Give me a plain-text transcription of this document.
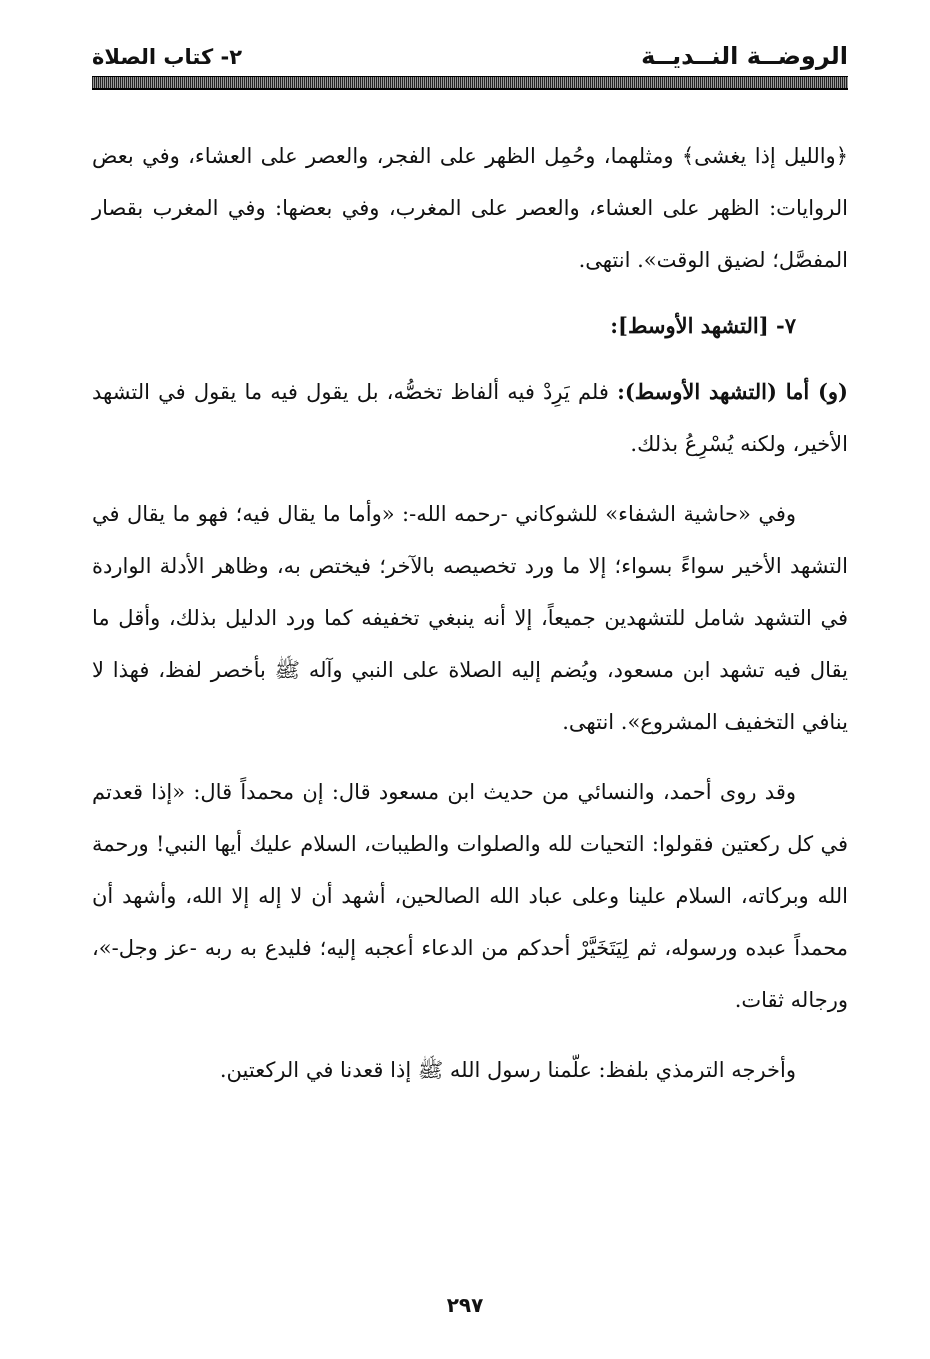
الروضــة النــديــة
٢- كتاب الصلاة

﴿والليل إذا يغشى﴾ ومثلهما، وحُمِل الظهر على الفجر، والعصر على العشاء، وفي بعض الروايات: الظهر على العشاء، والعصر على المغرب، وفي بعضها: وفي المغرب بقصار المفصَّل؛ لضيق الوقت». انتهى.

٧- [التشهد الأوسط]:

(و) أما (التشهد الأوسط): فلم يَرِدْ فيه ألفاظ تخصُّه، بل يقول فيه ما يقول في التشهد الأخير، ولكنه يُسْرِعُ بذلك.

وفي «حاشية الشفاء» للشوكاني -رحمه الله-: «وأما ما يقال فيه؛ فهو ما يقال في التشهد الأخير سواءً بسواء؛ إلا ما ورد تخصيصه بالآخر؛ فيختص به، وظاهر الأدلة الواردة في التشهد شامل للتشهدين جميعاً، إلا أنه ينبغي تخفيفه كما ورد الدليل بذلك، وأقل ما يقال فيه تشهد ابن مسعود، ويُضم إليه الصلاة على النبي وآله ﷺ بأخصر لفظ، فهذا لا ينافي التخفيف المشروع». انتهى.

وقد روى أحمد، والنسائي من حديث ابن مسعود قال: إن محمداً قال: «إذا قعدتم في كل ركعتين فقولوا: التحيات لله والصلوات والطيبات، السلام عليك أيها النبي! ورحمة الله وبركاته، السلام علينا وعلى عباد الله الصالحين، أشهد أن لا إله إلا الله، وأشهد أن محمداً عبده ورسوله، ثم لِيَتَخَيَّرْ أحدكم من الدعاء أعجبه إليه؛ فليدع به ربه -عز وجل-»، ورجاله ثقات.

وأخرجه الترمذي بلفظ: علّمنا رسول الله ﷺ إذا قعدنا في الركعتين.

٢٩٧
